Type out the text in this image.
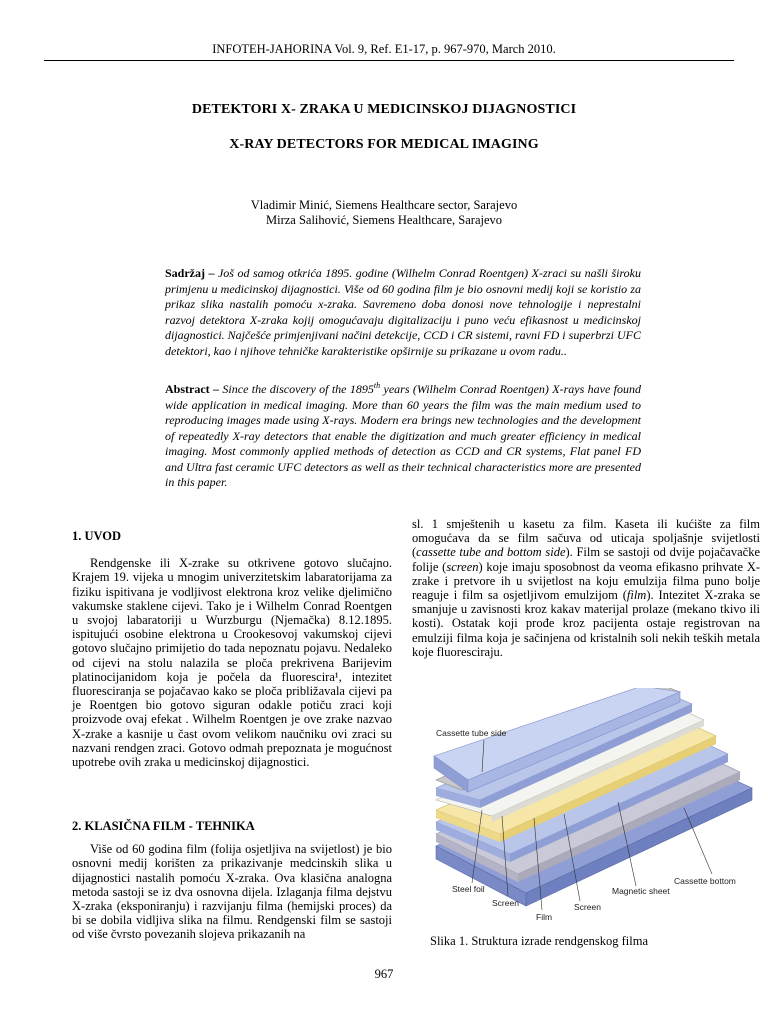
INFOTEH-JAHORINA Vol. 9, Ref. E1-17, p. 967-970, March 2010.
DETEKTORI X- ZRAKA U MEDICINSKOJ DIJAGNOSTICI
X-RAY DETECTORS FOR MEDICAL IMAGING
Vladimir Minić, Siemens Healthcare sector, Sarajevo
Mirza Salihović, Siemens Healthcare, Sarajevo
Sadržaj – Još od samog otkrića 1895. godine (Wilhelm Conrad Roentgen) X-zraci su našli široku primjenu u medicinskoj dijagnostici. Više od 60 godina film je bio osnovni medij koji se koristio za prikaz slika nastalih pomoću x-zraka. Savremeno doba donosi nove tehnologije i neprestalni razvoj detektora X-zraka kojij omogućavaju digitalizaciju i puno veću efikasnost u medicinskoj dijagnostici. Najčešće primjenjivani načini detekcije, CCD i CR sistemi, ravni FD i superbrzi UFC detektori, kao i njihove tehničke karakteristike opširnije su prikazane u ovom radu..
Abstract – Since the discovery of the 1895th years (Wilhelm Conrad Roentgen) X-rays have found wide application in medical imaging. More than 60 years the film was the main medium used to reproducing images made using X-rays. Modern era brings new technologies and the development of repeatedly X-ray detectors that enable the digitization and much greater efficiency in medical imaging. Most commonly applied methods of detection as CCD and CR systems, Flat panel FD and Ultra fast ceramic UFC detectors as well as their technical characteristics more are presented in this paper.
1. UVOD

Rendgenske ili X-zrake su otkrivene gotovo slučajno. Krajem 19. vijeka u mnogim univerzitetskim labaratorijama za fiziku ispitivana je vodljivost elektrona kroz velike djelimično vakumske staklene cijevi. Tako je i Wilhelm Conrad Roentgen u svojoj labaratoriji u Wurzburgu (Njemačka) 8.12.1895. ispitujući osobine elektrona u Crookesovoj vakumskoj cijevi gotovo slučajno primijetio do tada nepoznatu pojavu. Nedaleko od cijevi na stolu nalazila se ploča prekrivena Barijevim platinocijanidom koja je počela da fluorescira¹, intezitet fluoresciranja se pojačavao kako se ploča približavala cijevi pa je Roentgen bio gotovo siguran odakle potiču zraci koji proizvode ovaj efekat . Wilhelm Roentgen je ove zrake nazvao X-zrake a kasnije u čast ovom velikom naučniku ovi zraci su nazvani rendgen zraci. Gotovo odmah prepoznata je mogućnost upotrebe ovih zraka u medicinskoj dijagnostici.

2. KLASIČNA FILM - TEHNIKA

Više od 60 godina film (folija osjetljiva na svijetlost) je bio osnovni medij korišten za prikazivanje medcinskih slika u dijagnostici nastalih pomoću X-zraka. Ova klasična analogna metoda sastoji se iz dva osnovna dijela. Izlaganja filma dejstvu X-zraka (eksponiranju) i razvijanju filma (hemijski proces) da bi se dobila vidljiva slika na filmu. Rendgenski film se sastoji od više čvrsto povezanih slojeva prikazanih na

sl. 1 smještenih u kasetu za film. Kaseta ili kućište za film omogućava da se film sačuva od uticaja spoljašnje svijetlosti (cassette tube and bottom side). Film se sastoji od dvije pojačavačke folije (screen) koje imaju sposobnost da veoma efikasno prihvate X-zrake i pretvore ih u svijetlost na koju emulzija filma puno bolje reaguje i film sa osjetljivom emulzijom (film). Intezitet X-zraka se smanjuje u zavisnosti kroz kakav materijal prolaze (mekano tkivo ili kosti). Ostatak koji prođe kroz pacijenta ostaje registrovan na emulziji filma koja je sačinjena od kristalnih soli nekih teških metala koje fluoresciraju.

Cassette tube side
Steel foil
Screen
Film
Screen
Magnetic sheet
Cassette bottom
Slika 1. Struktura izrade rendgenskog filma
967
